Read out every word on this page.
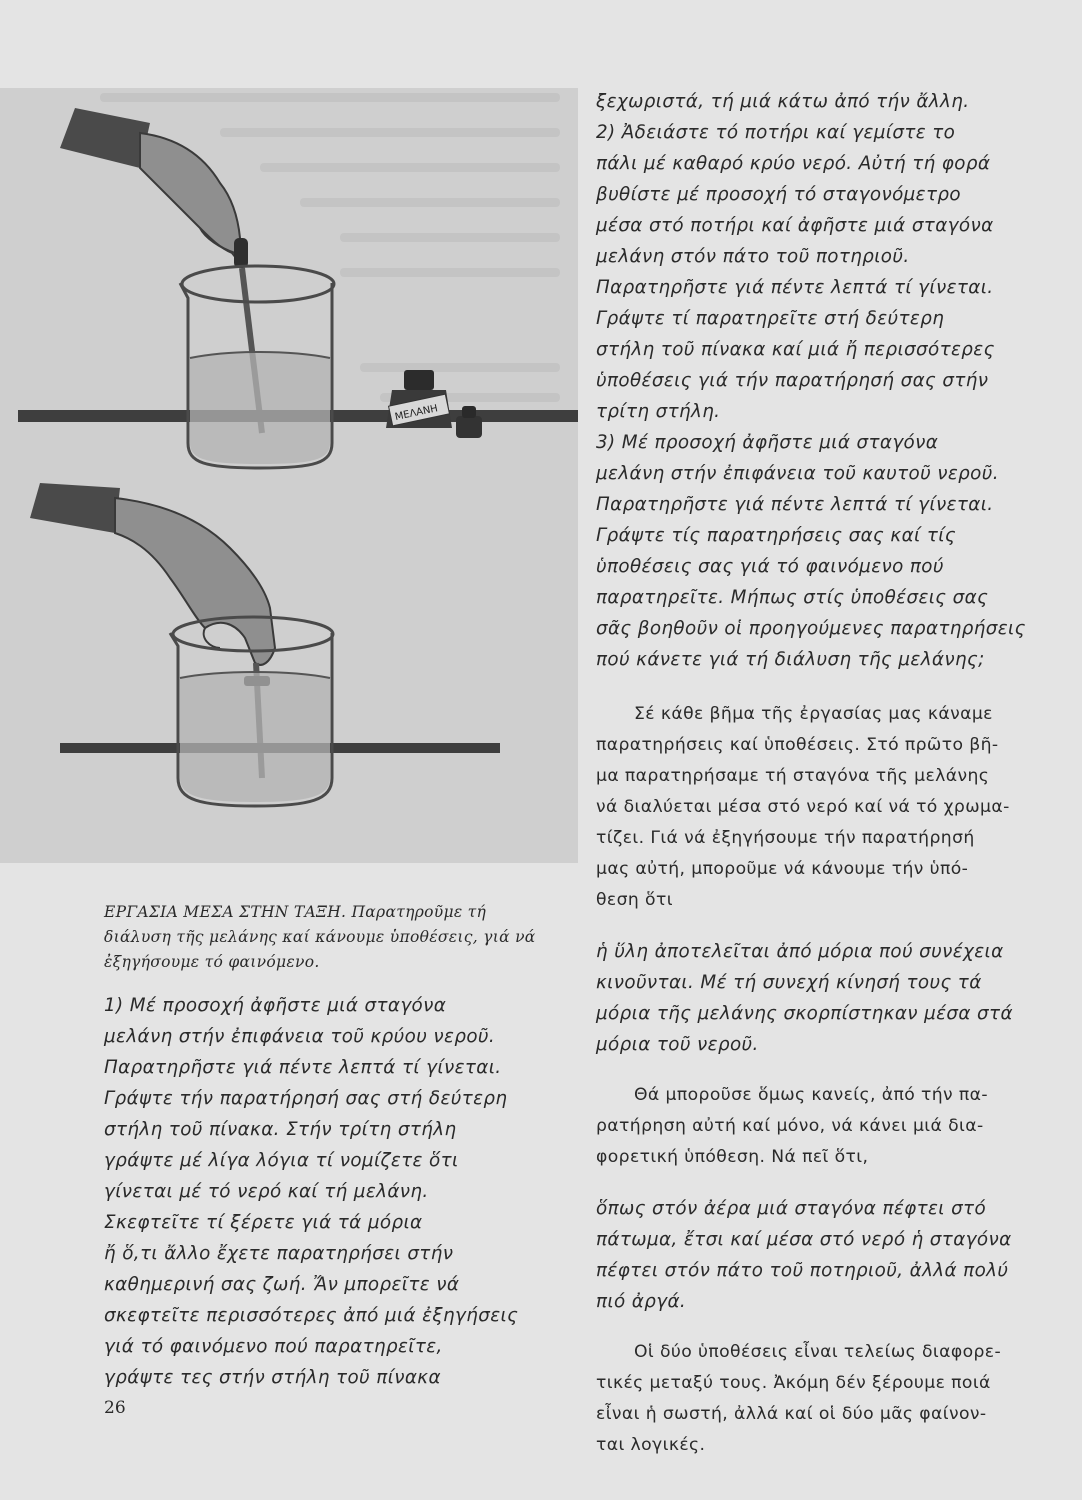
ΜΕΛΑΝΗ
ΕΡΓΑΣΙΑ ΜΕΣΑ ΣΤΗΝ ΤΑΞΗ. Παρατηροῦμε τή
διάλυση τῆς μελάνης καί κάνουμε ὑποθέσεις, γιά νά
ἐξηγήσουμε τό φαινόμενο.

1) Μέ προσοχή ἀφῆστε μιά σταγόνα
μελάνη στήν ἐπιφάνεια τοῦ κρύου νεροῦ.
Παρατηρῆστε γιά πέντε λεπτά τί γίνεται.
Γράψτε τήν παρατήρησή σας στή δεύτερη
στήλη τοῦ πίνακα. Στήν τρίτη στήλη
γράψτε μέ λίγα λόγια τί νομίζετε ὅτι
γίνεται μέ τό νερό καί τή μελάνη.
Σκεφτεῖτε τί ξέρετε γιά τά μόρια
ἤ ὅ,τι ἄλλο ἔχετε παρατηρήσει στήν
καθημερινή σας ζωή. Ἄν μπορεῖτε νά
σκεφτεῖτε περισσότερες ἀπό μιά ἐξηγήσεις
γιά τό φαινόμενο πού παρατηρεῖτε,
γράψτε τες στήν στήλη τοῦ πίνακα

ξεχωριστά, τή μιά κάτω ἀπό τήν ἄλλη.

2) Ἀδειάστε τό ποτήρι καί γεμίστε το
πάλι μέ καθαρό κρύο νερό. Αὐτή τή φορά
βυθίστε μέ προσοχή τό σταγονόμετρο
μέσα στό ποτήρι καί ἀφῆστε μιά σταγόνα
μελάνη στόν πάτο τοῦ ποτηριοῦ.
Παρατηρῆστε γιά πέντε λεπτά τί γίνεται.
Γράψτε τί παρατηρεῖτε στή δεύτερη
στήλη τοῦ πίνακα καί μιά ἤ περισσότερες
ὑποθέσεις γιά τήν παρατήρησή σας στήν
τρίτη στήλη.

3) Μέ προσοχή ἀφῆστε μιά σταγόνα
μελάνη στήν ἐπιφάνεια τοῦ καυτοῦ νεροῦ.
Παρατηρῆστε γιά πέντε λεπτά τί γίνεται.
Γράψτε τίς παρατηρήσεις σας καί τίς
ὑποθέσεις σας γιά τό φαινόμενο πού
παρατηρεῖτε. Μήπως στίς ὑποθέσεις σας
σᾶς βοηθοῦν οἱ προηγούμενες παρατηρήσεις
πού κάνετε γιά τή διάλυση τῆς μελάνης;

Σέ κάθε βῆμα τῆς ἐργασίας μας κάναμε
παρατηρήσεις καί ὑποθέσεις. Στό πρῶτο βῆ-
μα παρατηρήσαμε τή σταγόνα τῆς μελάνης
νά διαλύεται μέσα στό νερό καί νά τό χρωμα-
τίζει. Γιά νά ἐξηγήσουμε τήν παρατήρησή
μας αὐτή, μποροῦμε νά κάνουμε τήν ὑπό-
θεση ὅτι

ἡ ὕλη ἀποτελεῖται ἀπό μόρια πού συνέχεια
κινοῦνται. Μέ τή συνεχή κίνησή τους τά
μόρια τῆς μελάνης σκορπίστηκαν μέσα στά
μόρια τοῦ νεροῦ.

Θά μποροῦσε ὅμως κανείς, ἀπό τήν πα-
ρατήρηση αὐτή καί μόνο, νά κάνει μιά δια-
φορετική ὑπόθεση. Νά πεῖ ὅτι,

ὅπως στόν ἀέρα μιά σταγόνα πέφτει στό
πάτωμα, ἔτσι καί μέσα στό νερό ἡ σταγόνα
πέφτει στόν πάτο τοῦ ποτηριοῦ, ἀλλά πολύ
πιό ἀργά.

Οἱ δύο ὑποθέσεις εἶναι τελείως διαφορε-
τικές μεταξύ τους. Ἀκόμη δέν ξέρουμε ποιά
εἶναι ἡ σωστή, ἀλλά καί οἱ δύο μᾶς φαίνον-
ται λογικές.

26
